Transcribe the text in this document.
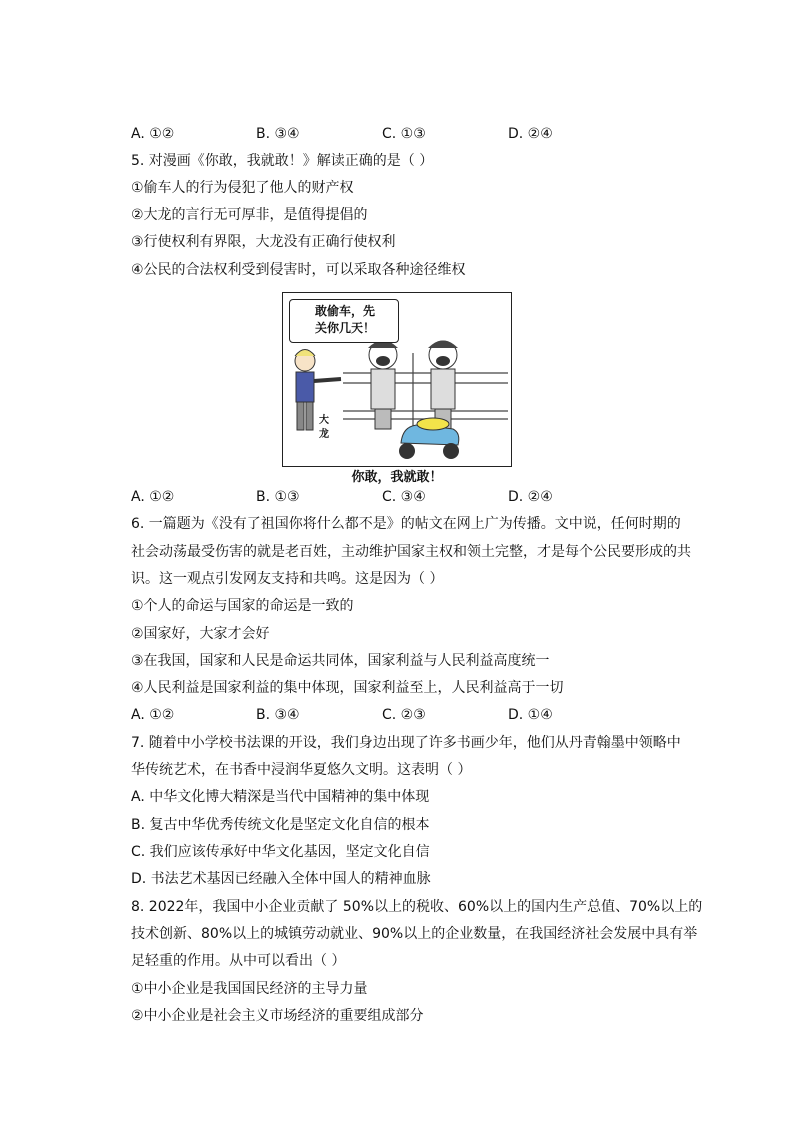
A. ①②	B. ③④	C. ①③	D. ②④
5. 对漫画《你敢，我就敢！》解读正确的是（ ）
①偷车人的行为侵犯了他人的财产权
②大龙的言行无可厚非，是值得提倡的
③行使权利有界限，大龙没有正确行使权利
④公民的合法权利受到侵害时，可以采取各种途径维权
敢偷车，先
关你几天！
大
龙
你敢，我就敢！
A. ①②	B. ①③	C. ③④	D. ②④
6. 一篇题为《没有了祖国你将什么都不是》的帖文在网上广为传播。文中说，任何时期的
社会动荡最受伤害的就是老百姓，主动维护国家主权和领土完整，才是每个公民要形成的共
识。这一观点引发网友支持和共鸣。这是因为（ ）
①个人的命运与国家的命运是一致的
②国家好，大家才会好
③在我国，国家和人民是命运共同体，国家利益与人民利益高度统一
④人民利益是国家利益的集中体现，国家利益至上，人民利益高于一切
A. ①②	B. ③④	C. ②③	D. ①④
7. 随着中小学校书法课的开设，我们身边出现了许多书画少年，他们从丹青翰墨中领略中
华传统艺术，在书香中浸润华夏悠久文明。这表明（ ）
A. 中华文化博大精深是当代中国精神的集中体现
B. 复古中华优秀传统文化是坚定文化自信的根本
C. 我们应该传承好中华文化基因，坚定文化自信
D. 书法艺术基因已经融入全体中国人的精神血脉
8. 2022年，我国中小企业贡献了 50%以上的税收、60%以上的国内生产总值、70%以上的
技术创新、80%以上的城镇劳动就业、90%以上的企业数量，在我国经济社会发展中具有举
足轻重的作用。从中可以看出（ ）
①中小企业是我国国民经济的主导力量
②中小企业是社会主义市场经济的重要组成部分
